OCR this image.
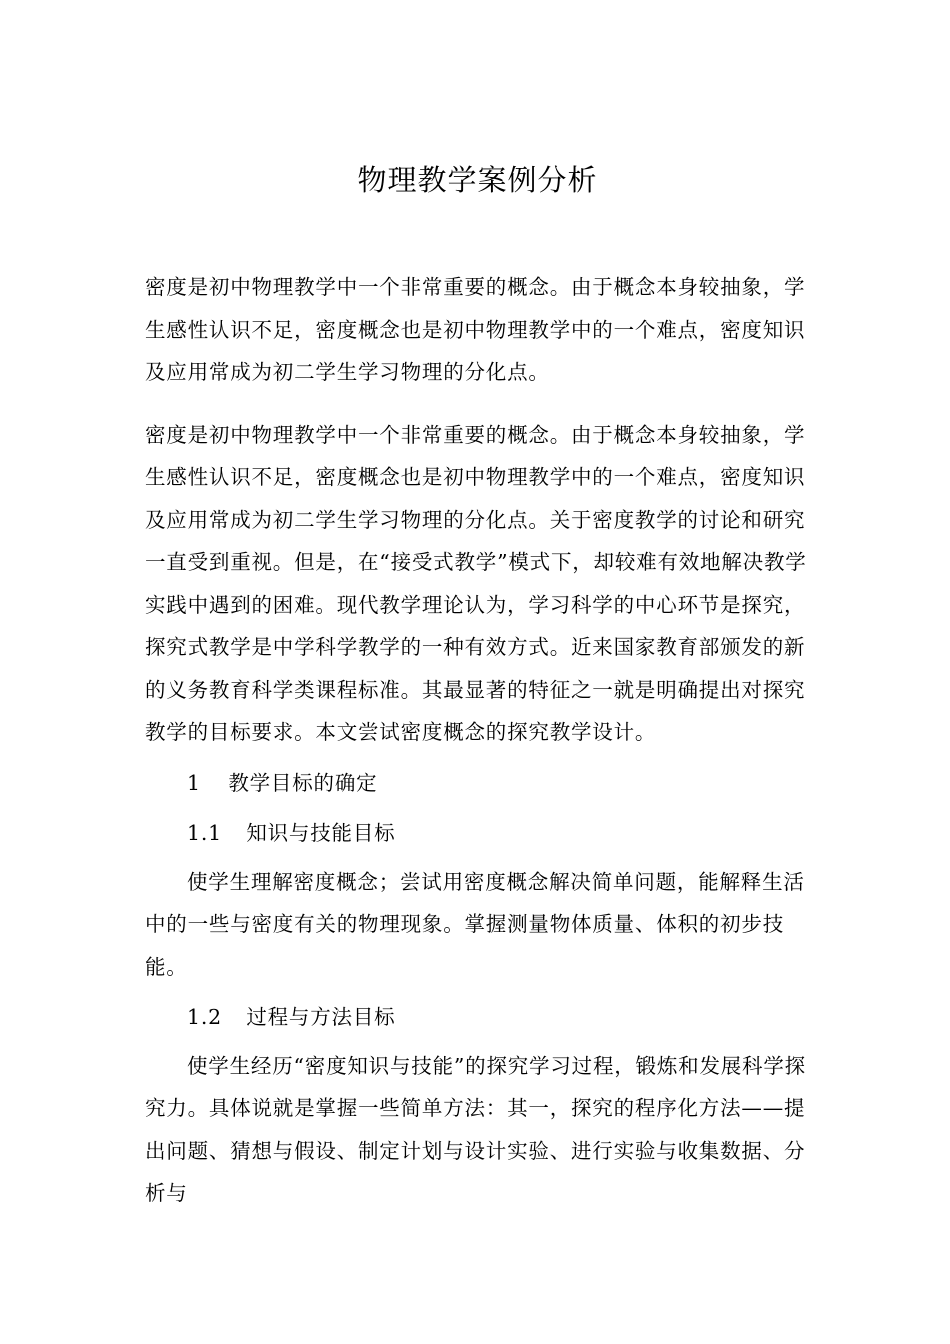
物理教学案例分析

密度是初中物理教学中一个非常重要的概念。由于概念本身较抽象，学生感性认识不足，密度概念也是初中物理教学中的一个难点，密度知识及应用常成为初二学生学习物理的分化点。

密度是初中物理教学中一个非常重要的概念。由于概念本身较抽象，学生感性认识不足，密度概念也是初中物理教学中的一个难点，密度知识及应用常成为初二学生学习物理的分化点。关于密度教学的讨论和研究一直受到重视。但是，在“接受式教学”模式下，却较难有效地解决教学实践中遇到的困难。现代教学理论认为，学习科学的中心环节是探究，探究式教学是中学科学教学的一种有效方式。近来国家教育部颁发的新的义务教育科学类课程标准。其最显著的特征之一就是明确提出对探究教学的目标要求。本文尝试密度概念的探究教学设计。

1 教学目标的确定
1.1 知识与技能目标

使学生理解密度概念；尝试用密度概念解决简单问题，能解释生活中的一些与密度有关的物理现象。掌握测量物体质量、体积的初步技能。

1.2 过程与方法目标

使学生经历“密度知识与技能”的探究学习过程，锻炼和发展科学探究力。具体说就是掌握一些简单方法：其一，探究的程序化方法——提出问题、猜想与假设、制定计划与设计实验、进行实验与收集数据、分析与
